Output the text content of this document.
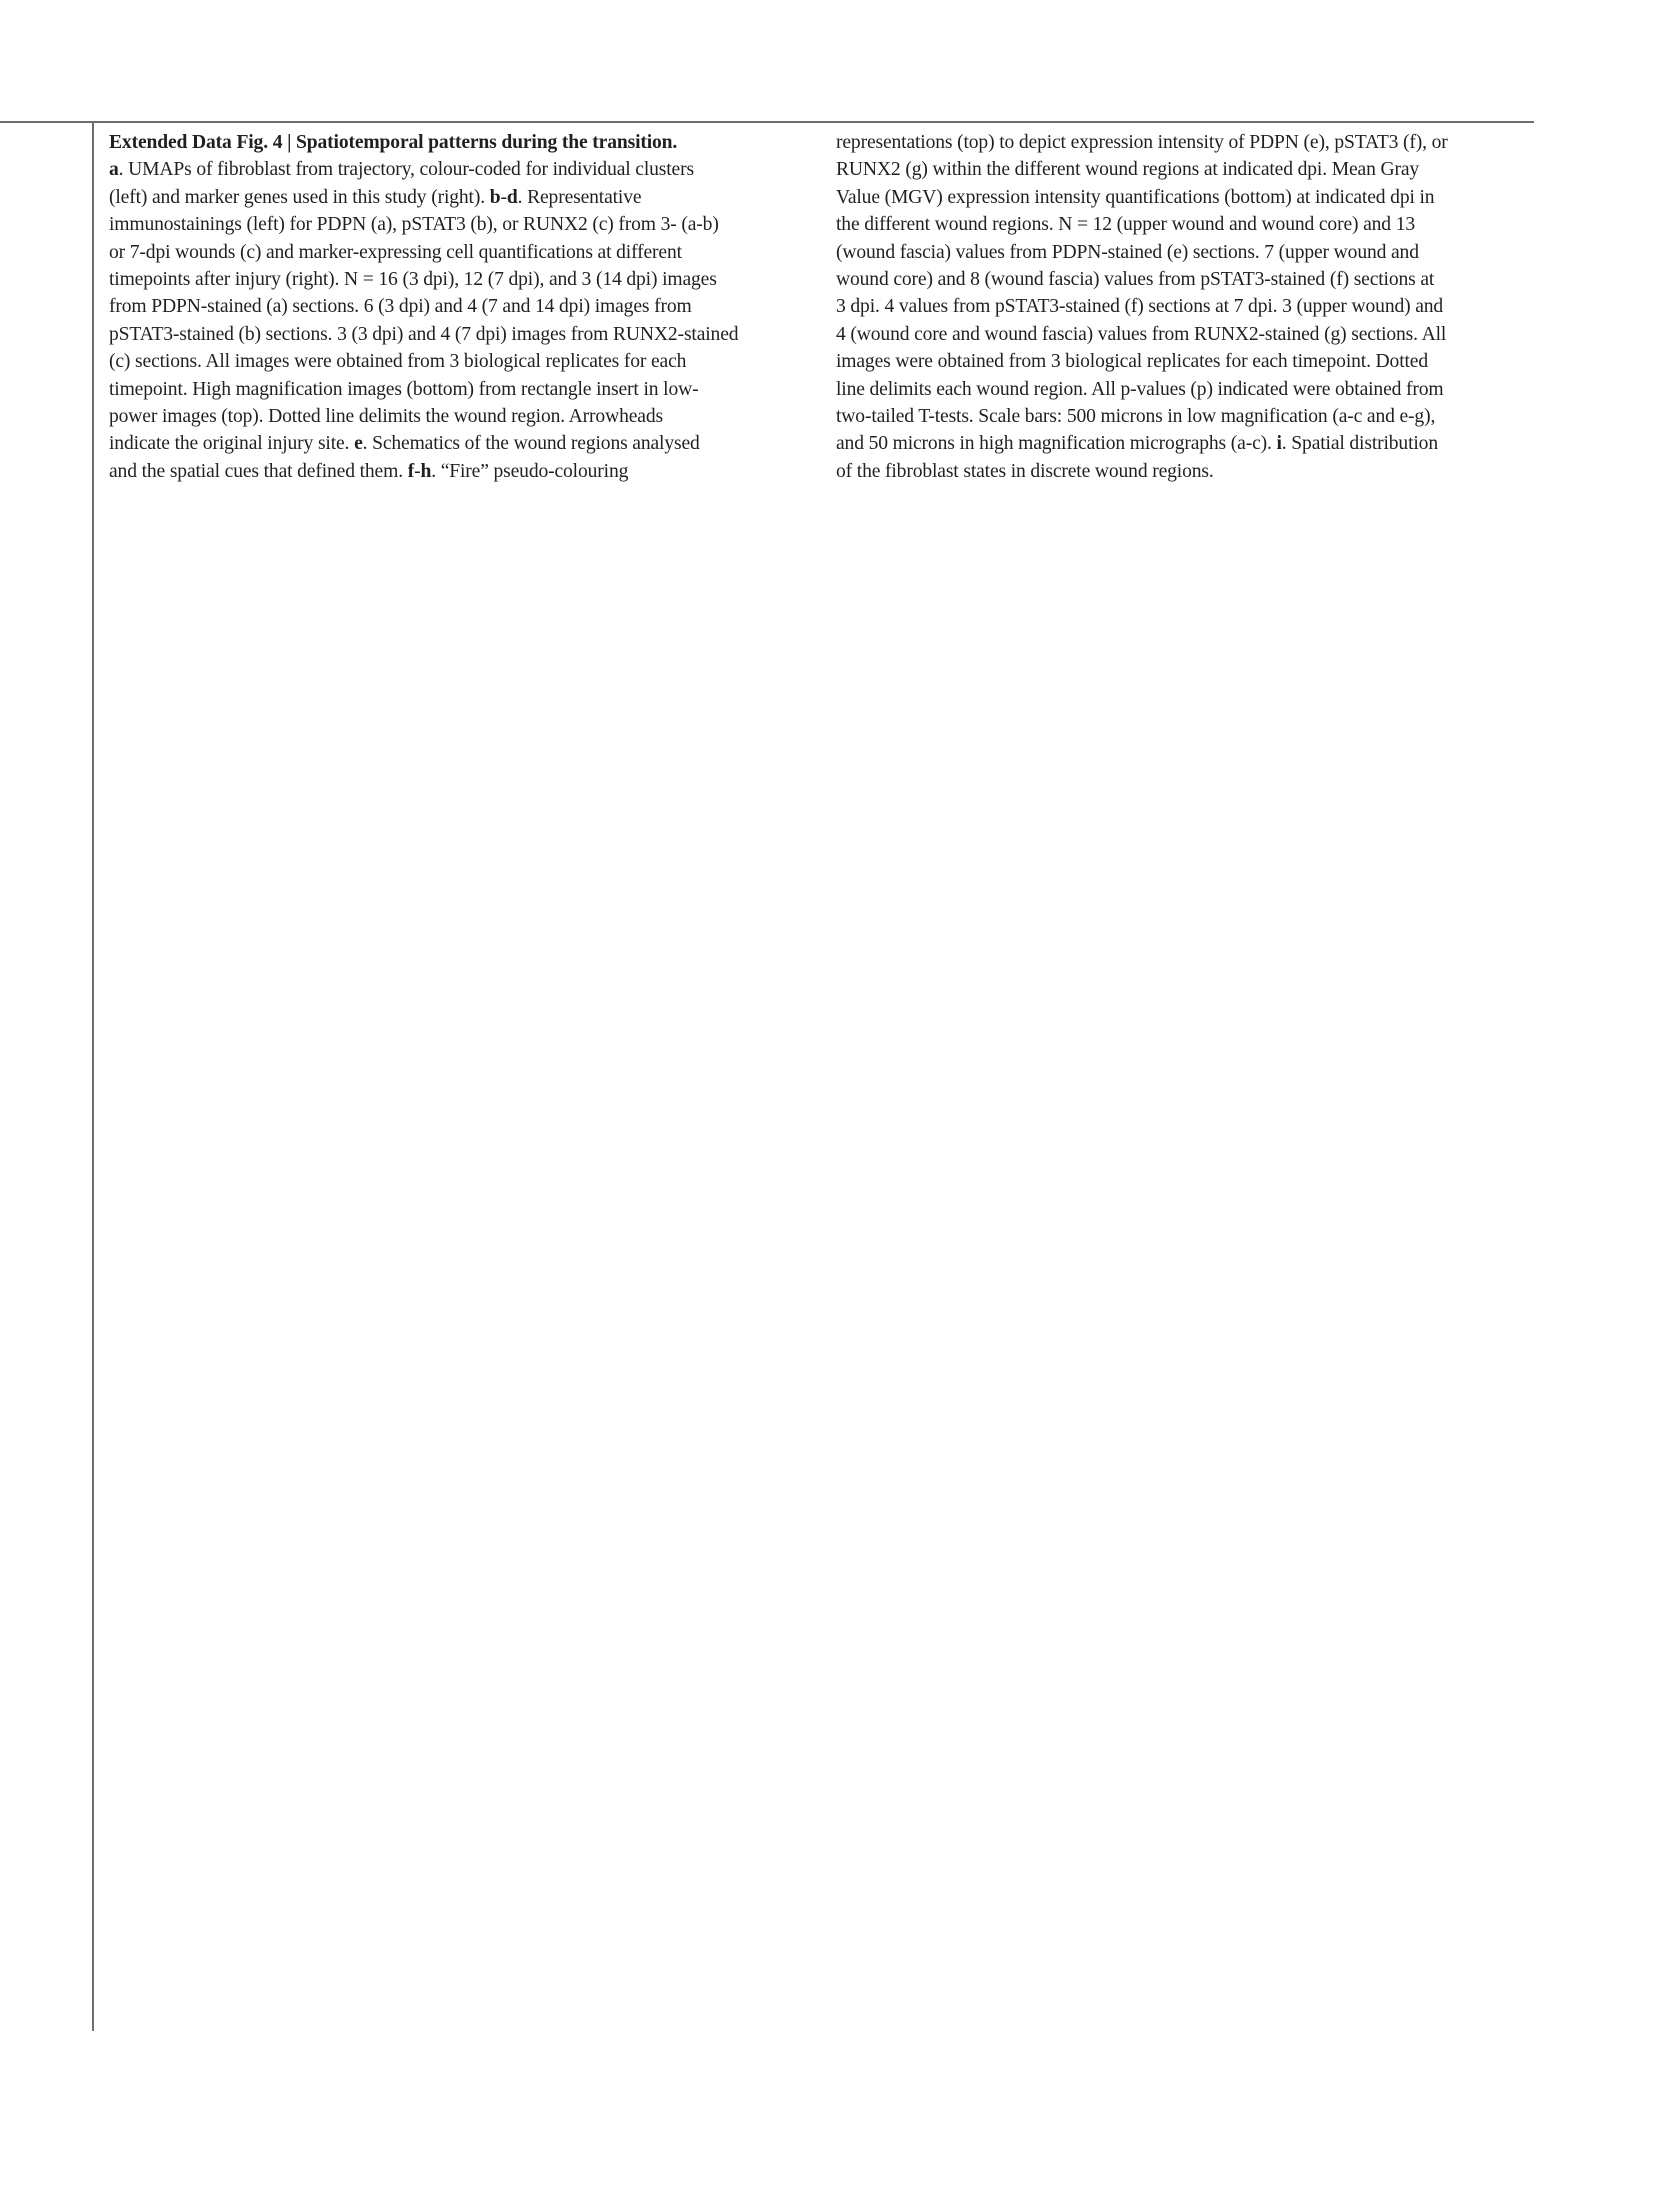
Extended Data Fig. 4 | Spatiotemporal patterns during the transition.

a. UMAPs of fibroblast from trajectory, colour-coded for individual clusters

(left) and marker genes used in this study (right). b-d. Representative

immunostainings (left) for PDPN (a), pSTAT3 (b), or RUNX2 (c) from 3- (a-b)

or 7-dpi wounds (c) and marker-expressing cell quantifications at different

timepoints after injury (right). N = 16 (3 dpi), 12 (7 dpi), and 3 (14 dpi) images

from PDPN-stained (a) sections. 6 (3 dpi) and 4 (7 and 14 dpi) images from

pSTAT3-stained (b) sections. 3 (3 dpi) and 4 (7 dpi) images from RUNX2-stained

(c) sections. All images were obtained from 3 biological replicates for each

timepoint. High magnification images (bottom) from rectangle insert in low-

power images (top). Dotted line delimits the wound region. Arrowheads

indicate the original injury site. e. Schematics of the wound regions analysed

and the spatial cues that defined them. f-h. “Fire” pseudo-colouring

representations (top) to depict expression intensity of PDPN (e), pSTAT3 (f), or

RUNX2 (g) within the different wound regions at indicated dpi. Mean Gray

Value (MGV) expression intensity quantifications (bottom) at indicated dpi in

the different wound regions. N = 12 (upper wound and wound core) and 13

(wound fascia) values from PDPN-stained (e) sections. 7 (upper wound and

wound core) and 8 (wound fascia) values from pSTAT3-stained (f) sections at

3 dpi. 4 values from pSTAT3-stained (f) sections at 7 dpi. 3 (upper wound) and

4 (wound core and wound fascia) values from RUNX2-stained (g) sections. All

images were obtained from 3 biological replicates for each timepoint. Dotted

line delimits each wound region. All p-values (p) indicated were obtained from

two-tailed T-tests. Scale bars: 500 microns in low magnification (a-c and e-g),

and 50 microns in high magnification micrographs (a-c). i. Spatial distribution

of the fibroblast states in discrete wound regions.
